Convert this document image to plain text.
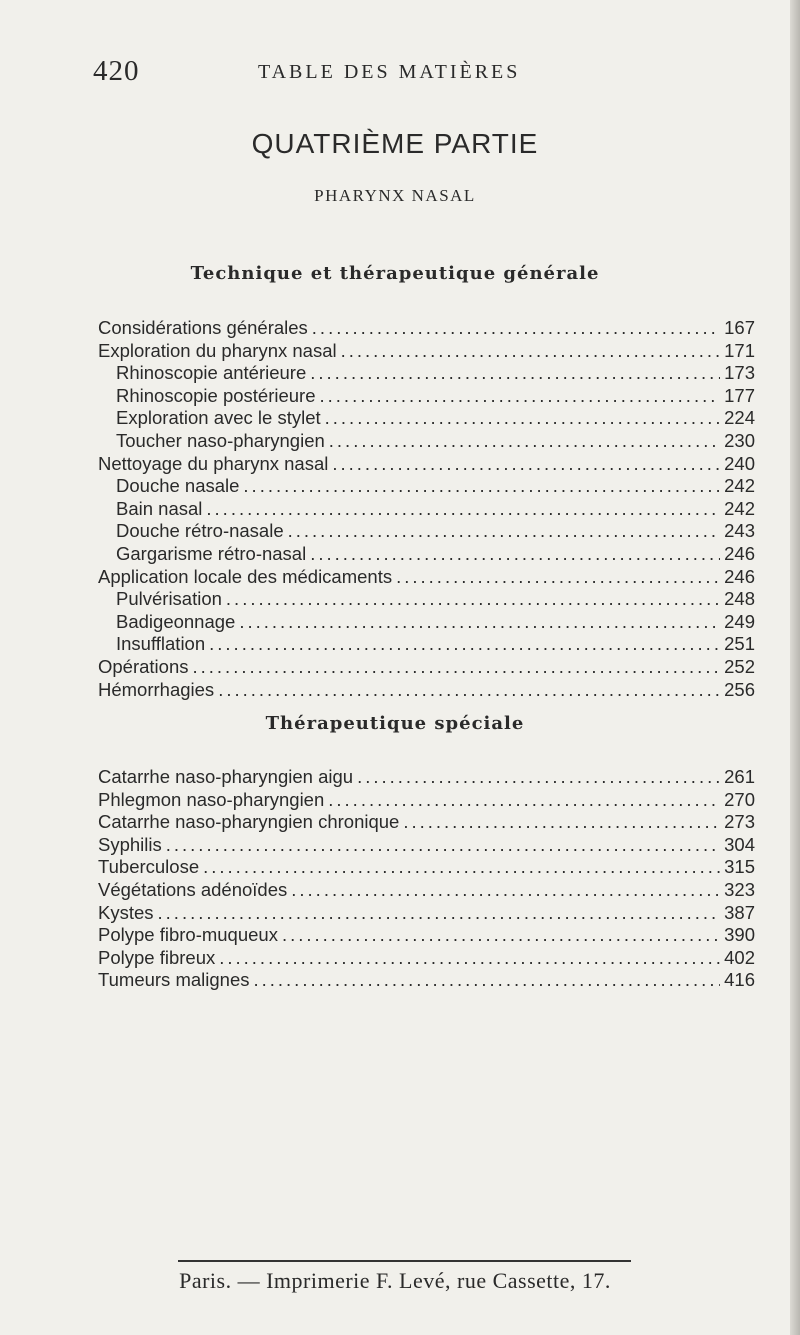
420	TABLE DES MATIÈRES
QUATRIÈME PARTIE
PHARYNX NASAL
Technique et thérapeutique générale
Considérations générales .....	167
Exploration du pharynx nasal .....	171
Rhinoscopie antérieure .....	173
Rhinoscopie postérieure .....	177
Exploration avec le stylet .....	224
Toucher naso-pharyngien .....	230
Nettoyage du pharynx nasal .....	240
Douche nasale .....	242
Bain nasal .....	242
Douche rétro-nasale .....	243
Gargarisme rétro-nasal .....	246
Application locale des médicaments .....	246
Pulvérisation .....	248
Badigeonnage .....	249
Insufflation .....	251
Opérations .....	252
Hémorrhagies .....	256
Thérapeutique spéciale
Catarrhe naso-pharyngien aigu .....	261
Phlegmon naso-pharyngien .....	270
Catarrhe naso-pharyngien chronique .....	273
Syphilis .....	304
Tuberculose .....	315
Végétations adénoïdes .....	323
Kystes .....	387
Polype fibro-muqueux .....	390
Polype fibreux .....	402
Tumeurs malignes .....	416
Paris. — Imprimerie F. Levé, rue Cassette, 17.
